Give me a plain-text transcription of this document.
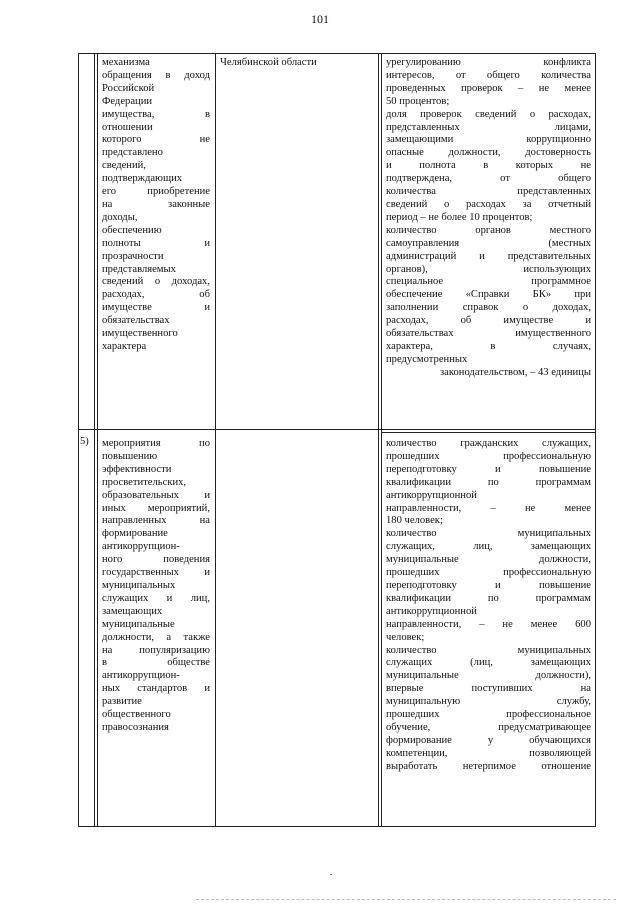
101
механизма
обращения в доход
Российской
Федерации
имущества, в
отношении
которого не
представлено
сведений,
подтверждающих
его приобретение
на законные
доходы,
обеспечению
полноты и
прозрачности
представляемых
сведений о доходах,
расходах, об
имуществе и
обязательствах
имущественного
характера
Челябинской области	урегулированию конфликта
интересов, от общего количества
проведенных проверок – не менее
50 процентов;
доля проверок сведений о расходах,
представленных лицами,
замещающими коррупционно
опасные должности, достоверность
и полнота в которых не
подтверждена, от общего
количества представленных
сведений о расходах за отчетный
период – не более 10 процентов;
количество органов местного
самоуправления (местных
администраций и представительных
органов), использующих
специальное программное
обеспечение «Справки БК» при
заполнении справок о доходах,
расходах, об имуществе и
обязательствах имущественного
характера, в случаях,
предусмотренных
законодательством, – 43 единицы
5)	мероприятия по
повышению
эффективности
просветительских,
образовательных и
иных мероприятий,
направленных на
формирование
антикоррупцион-
ного поведения
государственных и
муниципальных
служащих и лиц,
замещающих
муниципальные
должности, а также
на популяризацию
в обществе
антикоррупцион-
ных стандартов и
развитие
общественного
правосознания
количество гражданских служащих,
прошедших профессиональную
переподготовку и повышение
квалификации по программам
антикоррупционной
направленности, – не менее
180 человек;
количество муниципальных
служащих, лиц, замещающих
муниципальные должности,
прошедших профессиональную
переподготовку и повышение
квалификации по программам
антикоррупционной
направленности, – не менее 600
человек;
количество муниципальных
служащих (лиц, замещающих
муниципальные должности),
впервые поступивших на
муниципальную службу,
прошедших профессиональное
обучение, предусматривающее
формирование у обучающихся
компетенции, позволяющей
выработать нетерпимое отношение
